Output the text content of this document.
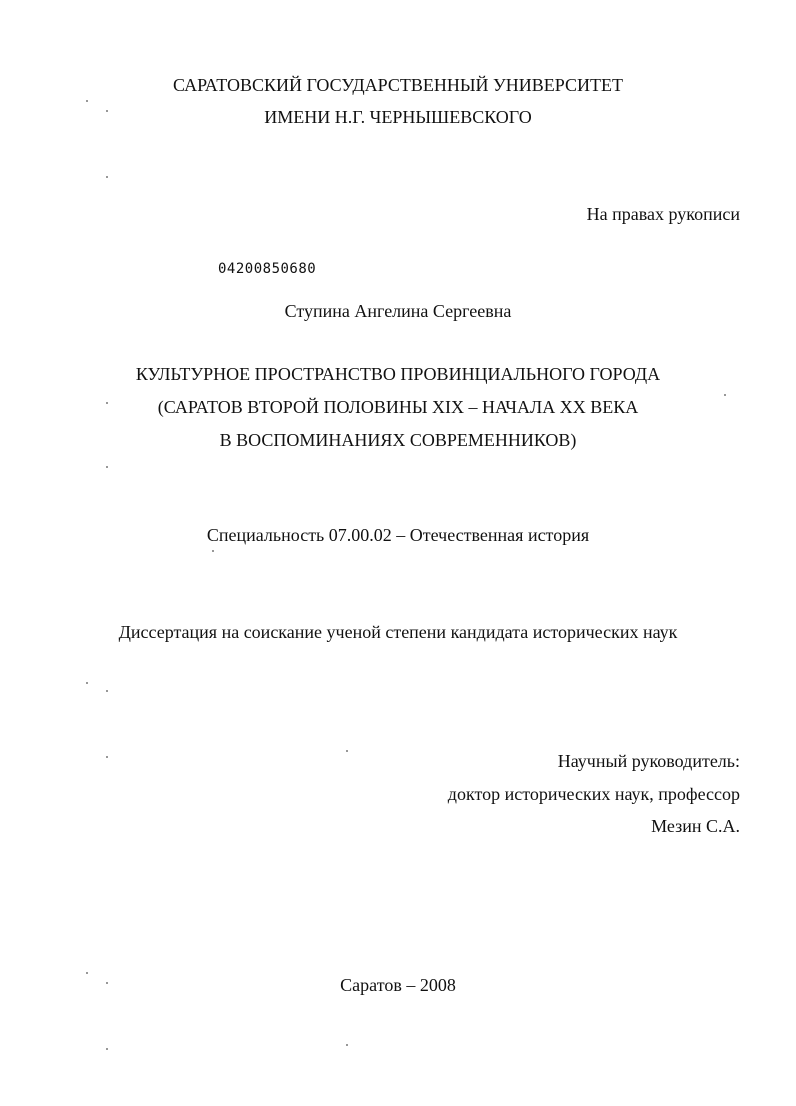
САРАТОВСКИЙ ГОСУДАРСТВЕННЫЙ УНИВЕРСИТЕТ
ИМЕНИ Н.Г. ЧЕРНЫШЕВСКОГО
На правах рукописи
04200850680
Ступина Ангелина Сергеевна
КУЛЬТУРНОЕ ПРОСТРАНСТВО ПРОВИНЦИАЛЬНОГО ГОРОДА
(САРАТОВ ВТОРОЙ ПОЛОВИНЫ XIX – НАЧАЛА XX ВЕКА
В ВОСПОМИНАНИЯХ СОВРЕМЕННИКОВ)
Специальность 07.00.02 – Отечественная история
Диссертация на соискание ученой степени кандидата исторических наук
Научный руководитель:
доктор исторических наук, профессор
Мезин С.А.
Саратов – 2008
